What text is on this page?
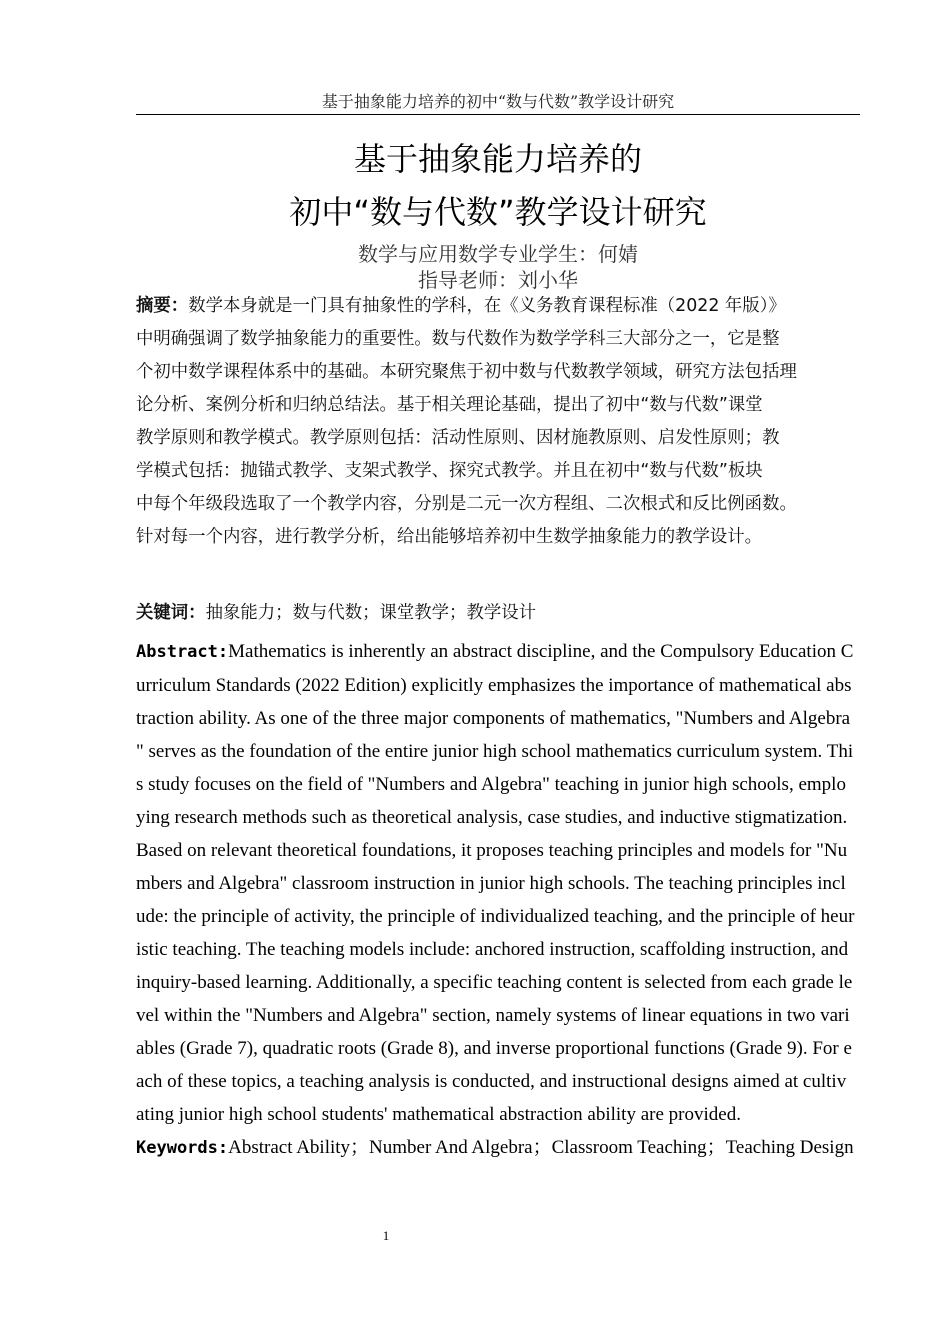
基于抽象能力培养的初中“数与代数”教学设计研究
基于抽象能力培养的
初中“数与代数”教学设计研究
数学与应用数学专业学生：何婧
指导老师：刘小华
摘要：数学本身就是一门具有抽象性的学科，在《义务教育课程标准（2022 年版）》
中明确强调了数学抽象能力的重要性。数与代数作为数学学科三大部分之一，它是整
个初中数学课程体系中的基础。本研究聚焦于初中数与代数教学领域，研究方法包括理
论分析、案例分析和归纳总结法。基于相关理论基础，提出了初中“数与代数”课堂
教学原则和教学模式。教学原则包括：活动性原则、因材施教原则、启发性原则；教
学模式包括：抛锚式教学、支架式教学、探究式教学。并且在初中“数与代数”板块
中每个年级段选取了一个教学内容，分别是二元一次方程组、二次根式和反比例函数。
针对每一个内容，进行教学分析，给出能够培养初中生数学抽象能力的教学设计。
关键词：抽象能力；数与代数；课堂教学；教学设计
Abstract:Mathematics is inherently an abstract discipline, and the Compulsory Education C
urriculum Standards (2022 Edition) explicitly emphasizes the importance of mathematical abs
traction ability. As one of the three major components of mathematics, "Numbers and Algebra
" serves as the foundation of the entire junior high school mathematics curriculum system. Thi
s study focuses on the field of "Numbers and Algebra" teaching in junior high schools, emplo
ying research methods such as theoretical analysis, case studies, and inductive stigmatization.
Based on relevant theoretical foundations, it proposes teaching principles and models for "Nu
mbers and Algebra" classroom instruction in junior high schools. The teaching principles incl
ude: the principle of activity, the principle of individualized teaching, and the principle of heur
istic teaching. The teaching models include: anchored instruction, scaffolding instruction, and
inquiry-based learning. Additionally, a specific teaching content is selected from each grade le
vel within the "Numbers and Algebra" section, namely systems of linear equations in two vari
ables (Grade 7), quadratic roots (Grade 8), and inverse proportional functions (Grade 9). For e
ach of these topics, a teaching analysis is conducted, and instructional designs aimed at cultiv
ating junior high school students' mathematical abstraction ability are provided.
Keywords:Abstract Ability；Number And Algebra；Classroom Teaching；Teaching Design
1
